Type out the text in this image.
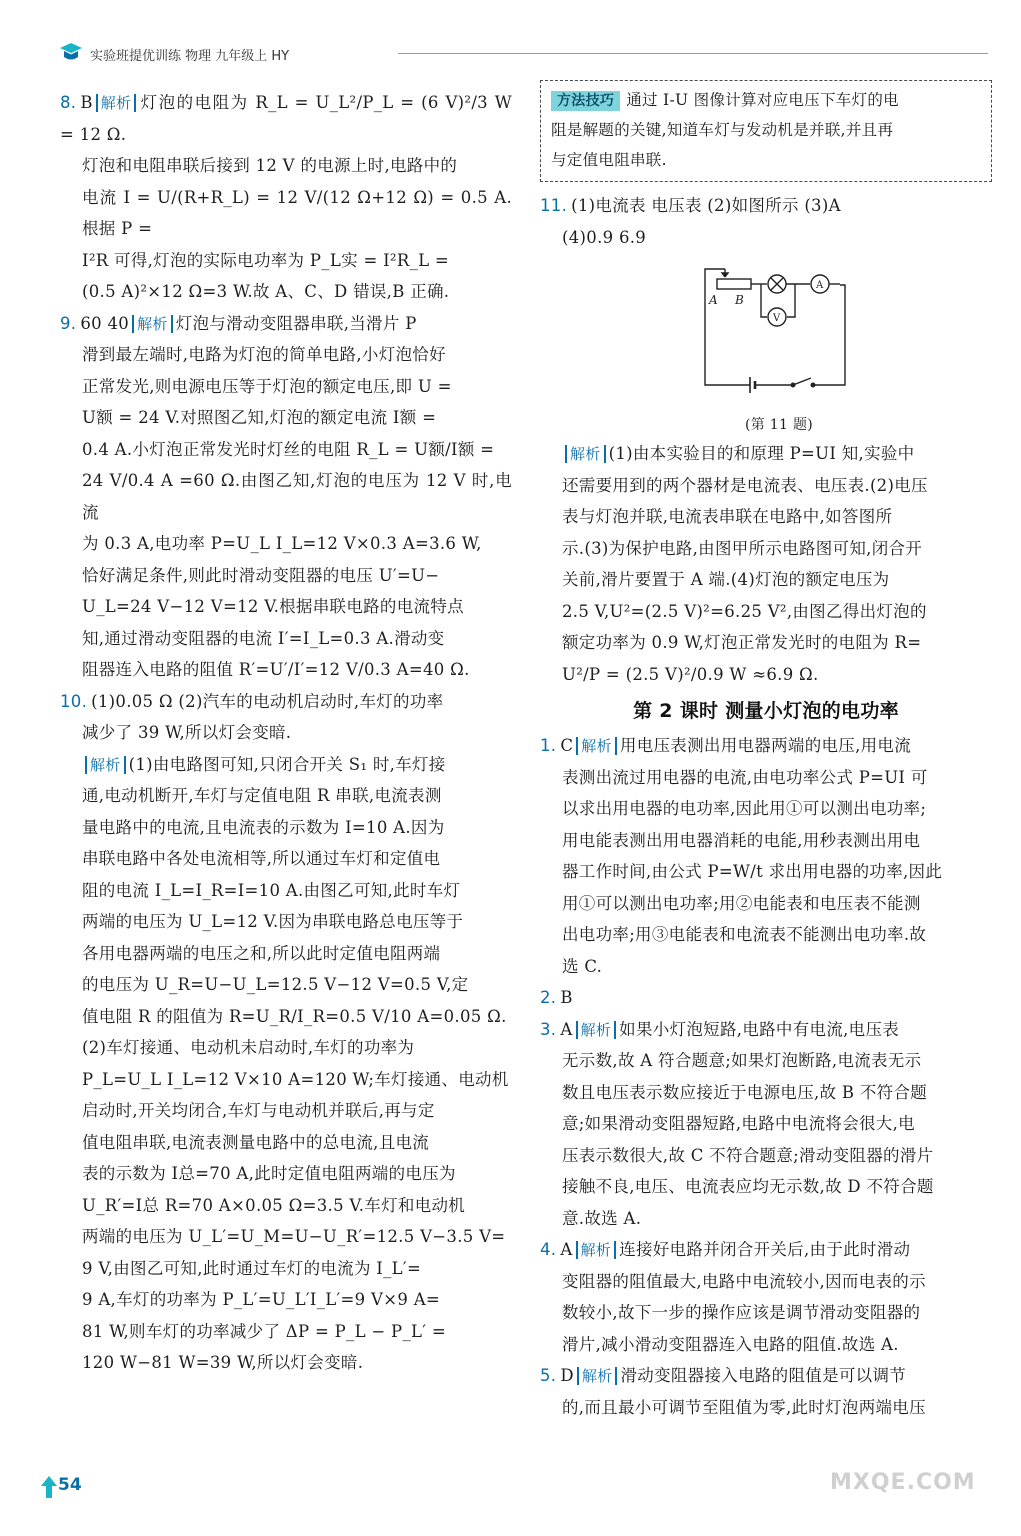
实验班提优训练 物理 九年级上 HY

8. B 解析 灯泡的电阻为 R_L = U_L²/P_L = (6 V)²/3 W = 12 Ω.

灯泡和电阻串联后接到 12 V 的电源上时,电路中的

电流 I = U/(R+R_L) = 12 V/(12 Ω+12 Ω) = 0.5 A.根据 P =

I²R 可得,灯泡的实际电功率为 P_L实 = I²R_L =

(0.5 A)²×12 Ω=3 W.故 A、C、D 错误,B 正确.

9. 60 40 解析 灯泡与滑动变阻器串联,当滑片 P

滑到最左端时,电路为灯泡的简单电路,小灯泡恰好

正常发光,则电源电压等于灯泡的额定电压,即 U =

U额 = 24 V.对照图乙知,灯泡的额定电流 I额 =

0.4 A.小灯泡正常发光时灯丝的电阻 R_L = U额/I额 =

24 V/0.4 A =60 Ω.由图乙知,灯泡的电压为 12 V 时,电流

为 0.3 A,电功率 P=U_L I_L=12 V×0.3 A=3.6 W,

恰好满足条件,则此时滑动变阻器的电压 U′=U−

U_L=24 V−12 V=12 V.根据串联电路的电流特点

知,通过滑动变阻器的电流 I′=I_L=0.3 A.滑动变

阻器连入电路的阻值 R′=U′/I′=12 V/0.3 A=40 Ω.

10. (1)0.05 Ω (2)汽车的电动机启动时,车灯的功率

减少了 39 W,所以灯会变暗.

解析 (1)由电路图可知,只闭合开关 S₁ 时,车灯接

通,电动机断开,车灯与定值电阻 R 串联,电流表测

量电路中的电流,且电流表的示数为 I=10 A.因为

串联电路中各处电流相等,所以通过车灯和定值电

阻的电流 I_L=I_R=I=10 A.由图乙可知,此时车灯

两端的电压为 U_L=12 V.因为串联电路总电压等于

各用电器两端的电压之和,所以此时定值电阻两端

的电压为 U_R=U−U_L=12.5 V−12 V=0.5 V,定

值电阻 R 的阻值为 R=U_R/I_R=0.5 V/10 A=0.05 Ω.

(2)车灯接通、电动机未启动时,车灯的功率为

P_L=U_L I_L=12 V×10 A=120 W;车灯接通、电动机

启动时,开关均闭合,车灯与电动机并联后,再与定

值电阻串联,电流表测量电路中的总电流,且电流

表的示数为 I总=70 A,此时定值电阻两端的电压为

U_R′=I总 R=70 A×0.05 Ω=3.5 V.车灯和电动机

两端的电压为 U_L′=U_M=U−U_R′=12.5 V−3.5 V=

9 V,由图乙可知,此时通过车灯的电流为 I_L′=

9 A,车灯的功率为 P_L′=U_L′I_L′=9 V×9 A=

81 W,则车灯的功率减少了 ΔP = P_L − P_L′ =

120 W−81 W=39 W,所以灯会变暗.

方法技巧 通过 I-U 图像计算对应电压下车灯的电

阻是解题的关键,知道车灯与发动机是并联,并且再

与定值电阻串联.

11. (1)电流表 电压表 (2)如图所示 (3)A

(4)0.9 6.9

A B
A
V
(第 11 题)

解析 (1)由本实验目的和原理 P=UI 知,实验中

还需要用到的两个器材是电流表、电压表.(2)电压

表与灯泡并联,电流表串联在电路中,如答图所

示.(3)为保护电路,由图甲所示电路图可知,闭合开

关前,滑片要置于 A 端.(4)灯泡的额定电压为

2.5 V,U²=(2.5 V)²=6.25 V²,由图乙得出灯泡的

额定功率为 0.9 W,灯泡正常发光时的电阻为 R=

U²/P = (2.5 V)²/0.9 W ≈6.9 Ω.

第 2 课时 测量小灯泡的电功率

1. C 解析 用电压表测出用电器两端的电压,用电流

表测出流过用电器的电流,由电功率公式 P=UI 可

以求出用电器的电功率,因此用①可以测出电功率;

用电能表测出用电器消耗的电能,用秒表测出用电

器工作时间,由公式 P=W/t 求出用电器的功率,因此

用①可以测出电功率;用②电能表和电压表不能测

出电功率;用③电能表和电流表不能测出电功率.故

选 C.

2. B

3. A 解析 如果小灯泡短路,电路中有电流,电压表

无示数,故 A 符合题意;如果灯泡断路,电流表无示

数且电压表示数应接近于电源电压,故 B 不符合题

意;如果滑动变阻器短路,电路中电流将会很大,电

压表示数很大,故 C 不符合题意;滑动变阻器的滑片

接触不良,电压、电流表应均无示数,故 D 不符合题

意.故选 A.

4. A 解析 连接好电路并闭合开关后,由于此时滑动

变阻器的阻值最大,电路中电流较小,因而电表的示

数较小,故下一步的操作应该是调节滑动变阻器的

滑片,减小滑动变阻器连入电路的阻值.故选 A.

5. D 解析 滑动变阻器接入电路的阻值是可以调节

的,而且最小可调节至阻值为零,此时灯泡两端电压

54	MXQE.COM
